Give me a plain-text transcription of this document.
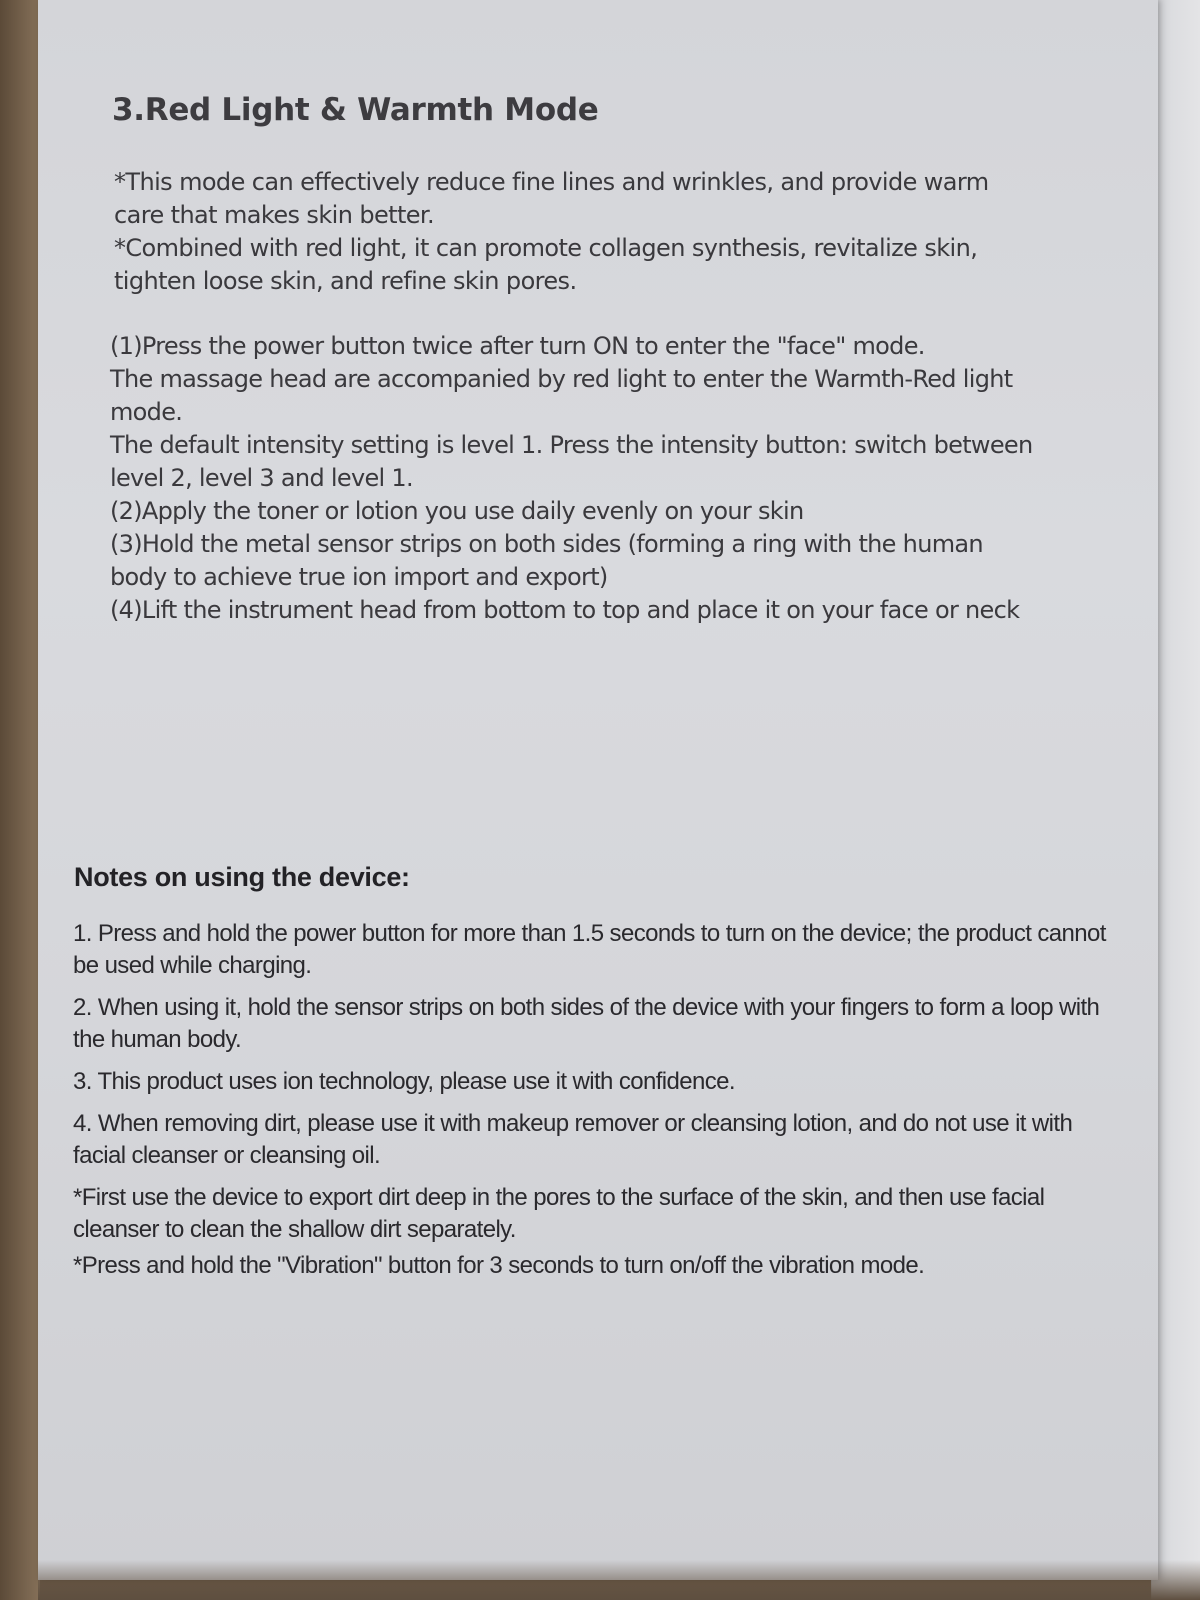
3.Red Light & Warmth Mode

*This mode can effectively reduce fine lines and wrinkles, and provide warm care that makes skin better.

*Combined with red light, it can promote collagen synthesis, revitalize skin, tighten loose skin, and refine skin pores.

(1)Press the power button twice after turn ON to enter the "face" mode.

The massage head are accompanied by red light to enter the Warmth-Red light mode.

The default intensity setting is level 1. Press the intensity button: switch between level 2, level 3 and level 1.

(2)Apply the toner or lotion you use daily evenly on your skin

(3)Hold the metal sensor strips on both sides (forming a ring with the human body to achieve true ion import and export)

(4)Lift the instrument head from bottom to top and place it on your face or neck

Notes on using the device:

1. Press and hold the power button for more than 1.5 seconds to turn on the device; the product cannot be used while charging.

2. When using it, hold the sensor strips on both sides of the device with your fingers to form a loop with the human body.

3. This product uses ion technology, please use it with confidence.

4. When removing dirt, please use it with makeup remover or cleansing lotion, and do not use it with facial cleanser or cleansing oil.

*First use the device to export dirt deep in the pores to the surface of the skin, and then use facial cleanser to clean the shallow dirt separately.

*Press and hold the "Vibration" button for 3 seconds to turn on/off the vibration mode.
